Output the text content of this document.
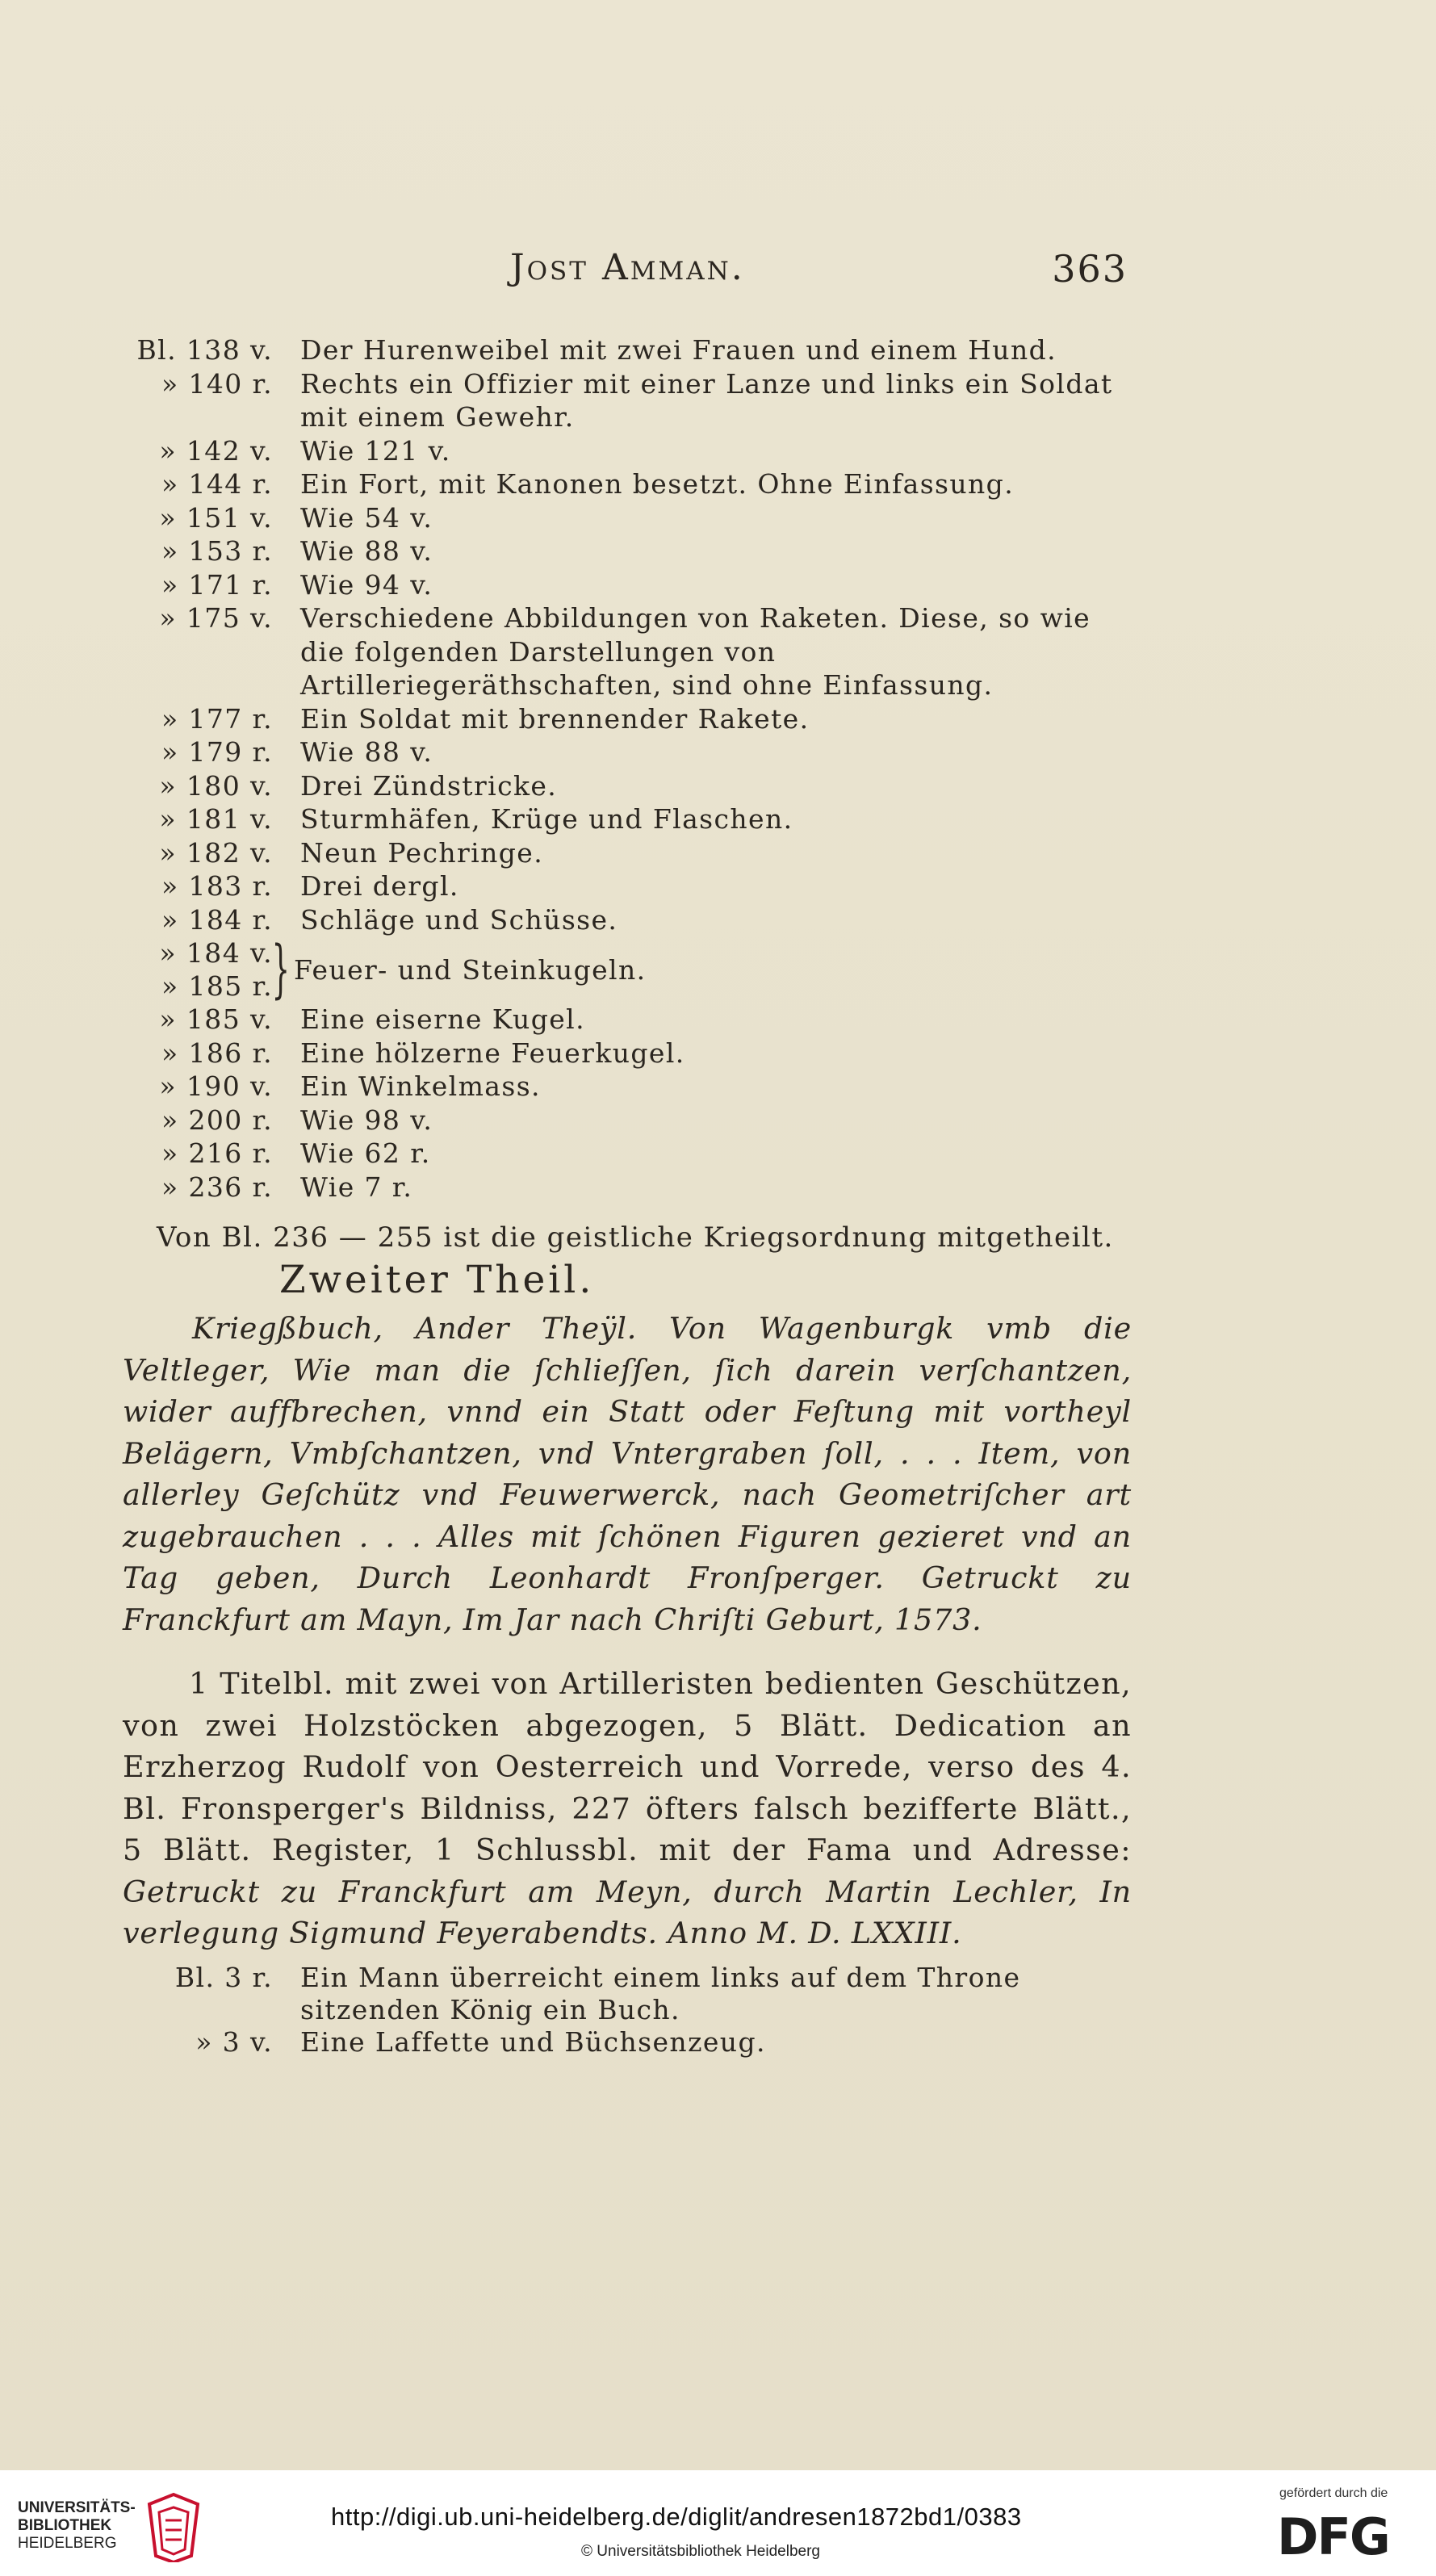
Jost Amman.	363
Bl. 138 v. Der Hurenweibel mit zwei Frauen und einem Hund.
» 140 r. Rechts ein Offizier mit einer Lanze und links ein Soldat mit einem Gewehr.
» 142 v. Wie 121 v.
» 144 r. Ein Fort, mit Kanonen besetzt. Ohne Einfassung.
» 151 v. Wie 54 v.
» 153 r. Wie 88 v.
» 171 r. Wie 94 v.
» 175 v. Verschiedene Abbildungen von Raketen. Diese, so wie die folgenden Darstellungen von Artilleriegeräthschaften, sind ohne Einfassung.
» 177 r. Ein Soldat mit brennender Rakete.
» 179 r. Wie 88 v.
» 180 v. Drei Zündstricke.
» 181 v. Sturmhäfen, Krüge und Flaschen.
» 182 v. Neun Pechringe.
» 183 r. Drei dergl.
» 184 r. Schläge und Schüsse.
» 184 v.
» 185 r.
} Feuer- und Steinkugeln.
» 185 v. Eine eiserne Kugel.
» 186 r. Eine hölzerne Feuerkugel.
» 190 v. Ein Winkelmass.
» 200 r. Wie 98 v.
» 216 r. Wie 62 r.
» 236 r. Wie 7 r.
Von Bl. 236 — 255 ist die geistliche Kriegsordnung mitgetheilt.
Zweiter Theil.
Kriegßbuch, Ander Theÿl. Von Wagenburgk vmb die Veltleger, Wie man die ſchlieſſen, ſich darein verſchantzen, wider auffbrechen, vnnd ein Statt oder Feſtung mit vortheyl Belägern, Vmbſchantzen, vnd Vntergraben ſoll, . . . Item, von allerley Geſchütz vnd Feuwerwerck, nach Geometriſcher art zugebrauchen . . . Alles mit ſchönen Figuren gezieret vnd an Tag geben, Durch Leonhardt Fronſperger. Getruckt zu Franckfurt am Mayn, Im Jar nach Chriſti Geburt, 1573.
1 Titelbl. mit zwei von Artilleristen bedienten Geschützen, von zwei Holzstöcken abgezogen, 5 Blätt. Dedication an Erzherzog Rudolf von Oesterreich und Vorrede, verso des 4. Bl. Fronsperger's Bildniss, 227 öfters falsch bezifferte Blätt., 5 Blätt. Register, 1 Schlussbl. mit der Fama und Adresse: Getruckt zu Franckfurt am Meyn, durch Martin Lechler, In verlegung Sigmund Feyerabendts. Anno M. D. LXXIII.
Bl. 3 r. Ein Mann überreicht einem links auf dem Throne sitzenden König ein Buch.
» 3 v. Eine Laffette und Büchsenzeug.
UNIVERSITÄTS-
BIBLIOTHEK
HEIDELBERG
http://digi.ub.uni-heidelberg.de/diglit/andresen1872bd1/0383
© Universitätsbibliothek Heidelberg
gefördert durch die
DFG
